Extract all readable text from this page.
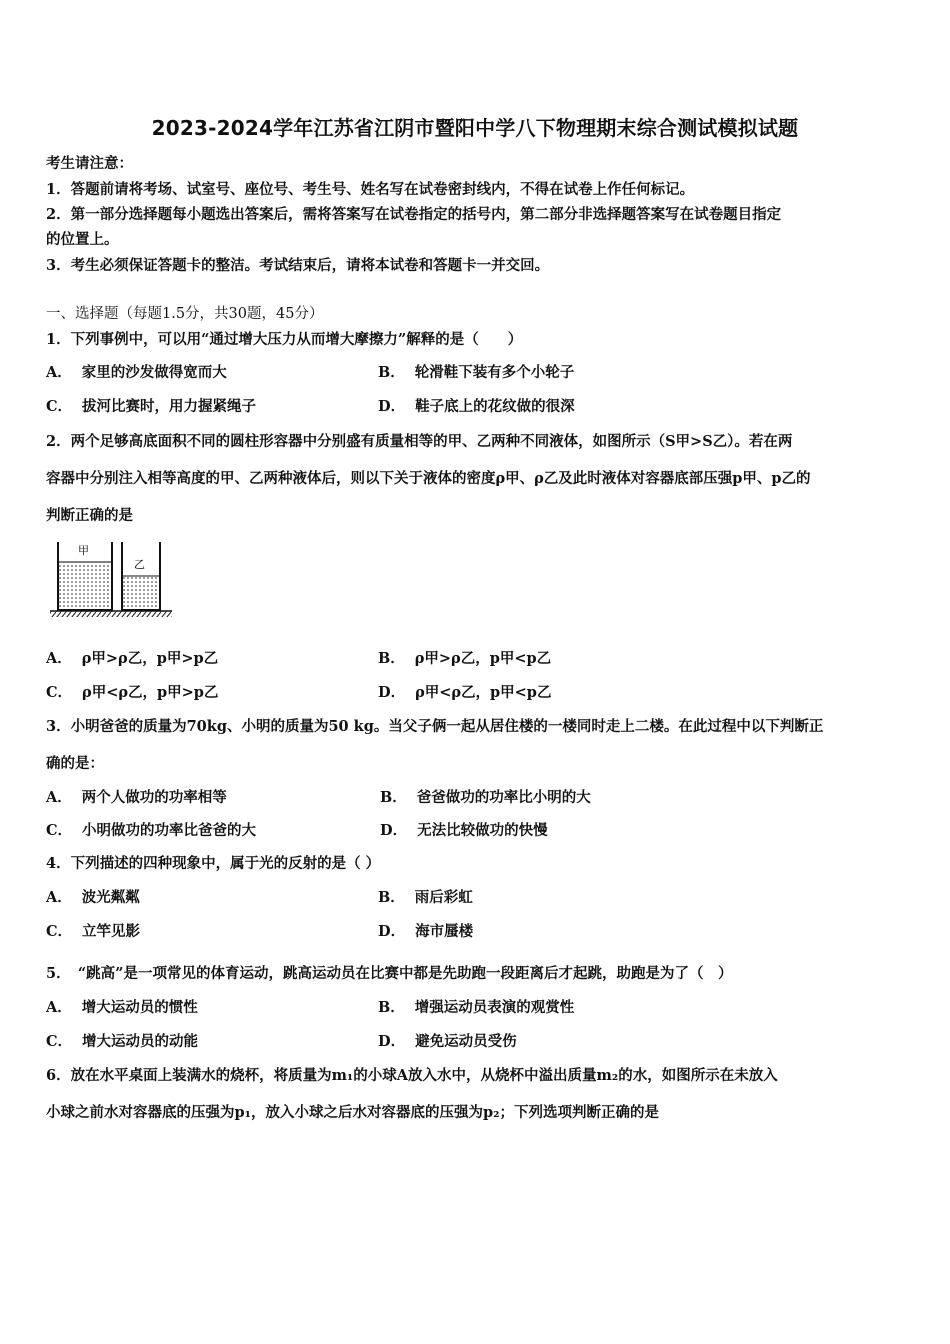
2023-2024学年江苏省江阴市暨阳中学八下物理期末综合测试模拟试题
考生请注意：
1．答题前请将考场、试室号、座位号、考生号、姓名写在试卷密封线内，不得在试卷上作任何标记。
2．第一部分选择题每小题选出答案后，需将答案写在试卷指定的括号内，第二部分非选择题答案写在试卷题目指定
的位置上。
3．考生必须保证答题卡的整洁。考试结束后，请将本试卷和答题卡一并交回。
一、选择题（每题1.5分，共30题，45分）
1．下列事例中，可以用“通过增大压力从而增大摩擦力”解释的是（　　）
A． 家里的沙发做得宽而大	B． 轮滑鞋下装有多个小轮子
C． 拔河比赛时，用力握紧绳子	D． 鞋子底上的花纹做的很深
2．两个足够高底面积不同的圆柱形容器中分别盛有质量相等的甲、乙两种不同液体，如图所示（S甲>S乙）。若在两
容器中分别注入相等高度的甲、乙两种液体后，则以下关于液体的密度ρ甲、ρ乙及此时液体对容器底部压强p甲、p乙的
判断正确的是
甲
乙
A． ρ甲>ρ乙，p甲>p乙	B． ρ甲>ρ乙，p甲<p乙
C． ρ甲<ρ乙，p甲>p乙	D． ρ甲<ρ乙，p甲<p乙
3．小明爸爸的质量为70kg、小明的质量为50 kg。当父子俩一起从居住楼的一楼同时走上二楼。在此过程中以下判断正
确的是：
A． 两个人做功的功率相等	B． 爸爸做功的功率比小明的大
C． 小明做功的功率比爸爸的大	D． 无法比较做功的快慢
4．下列描述的四种现象中，属于光的反射的是（ ）
A． 波光粼粼	B． 雨后彩虹
C． 立竿见影	D． 海市蜃楼
5．　“跳高”是一项常见的体育运动，跳高运动员在比赛中都是先助跑一段距离后才起跳，助跑是为了（　）
A． 增大运动员的惯性	B． 增强运动员表演的观赏性
C． 增大运动员的动能	D． 避免运动员受伤
6．放在水平桌面上装满水的烧杯，将质量为m₁的小球A放入水中，从烧杯中溢出质量m₂的水，如图所示在未放入
小球之前水对容器底的压强为p₁，放入小球之后水对容器底的压强为p₂；下列选项判断正确的是
